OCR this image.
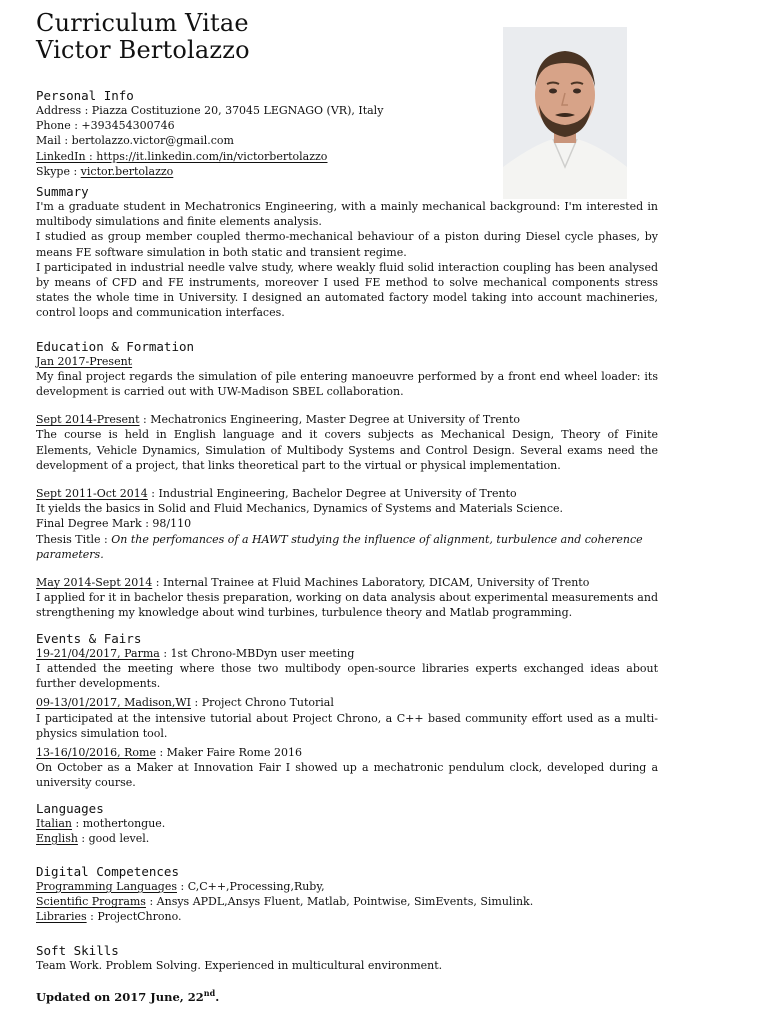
Curriculum Vitae
Victor Bertolazzo

Personal Info

Address : Piazza Costituzione 20, 37045 LEGNAGO (VR), Italy

Phone : +393454300746

Mail : bertolazzo.victor@gmail.com

LinkedIn : https://it.linkedin.com/in/victorbertolazzo

Skype : victor.bertolazzo

Summary

I'm a graduate student in Mechatronics Engineering, with a mainly mechanical background: I'm interested in multibody simulations and finite elements analysis.

I studied as group member coupled thermo-mechanical behaviour of a piston during Diesel cycle phases, by means FE software simulation in both static and transient regime.

I participated in industrial needle valve study, where weakly fluid solid interaction coupling has been analysed by means of CFD and FE instruments, moreover I used FE method to solve mechanical components stress states the whole time in University. I designed an automated factory model taking into account machineries, control loops and communication interfaces.

Education & Formation

Jan 2017-Present

My final project regards the simulation of pile entering manoeuvre performed by a front end wheel loader: its development is carried out with UW-Madison SBEL collaboration.

Sept 2014-Present : Mechatronics Engineering, Master Degree at University of Trento

The course is held in English language and it covers subjects as Mechanical Design, Theory of Finite Elements, Vehicle Dynamics, Simulation of Multibody Systems and Control Design. Several exams need the development of a project, that links theoretical part to the virtual or physical implementation.

Sept 2011-Oct 2014 : Industrial Engineering, Bachelor Degree at University of Trento

It yields the basics in Solid and Fluid Mechanics, Dynamics of Systems and Materials Science.

Final Degree Mark : 98/110

Thesis Title : On the perfomances of a HAWT studying the influence of alignment, turbulence and coherence parameters.

May 2014-Sept 2014 : Internal Trainee at Fluid Machines Laboratory, DICAM, University of Trento

I applied for it in bachelor thesis preparation, working on data analysis about experimental measurements and strengthening my knowledge about wind turbines, turbulence theory and Matlab programming.

Events & Fairs

19-21/04/2017, Parma : 1st Chrono-MBDyn user meeting

I attended the meeting where those two multibody open-source libraries experts exchanged ideas about further developments.

09-13/01/2017, Madison,WI : Project Chrono Tutorial

I participated at the intensive tutorial about Project Chrono, a C++ based community effort used as a multi-physics simulation tool.

13-16/10/2016, Rome : Maker Faire Rome 2016

On October as a Maker at Innovation Fair I showed up a mechatronic pendulum clock, developed during a university course.

Languages

Italian : mothertongue.

English : good level.

Digital Competences

Programming Languages : C,C++,Processing,Ruby,

Scientific Programs : Ansys APDL,Ansys Fluent, Matlab, Pointwise, SimEvents, Simulink.

Libraries : ProjectChrono.

Soft Skills

Team Work. Problem Solving. Experienced in multicultural environment.

Updated on 2017 June, 22nd.
